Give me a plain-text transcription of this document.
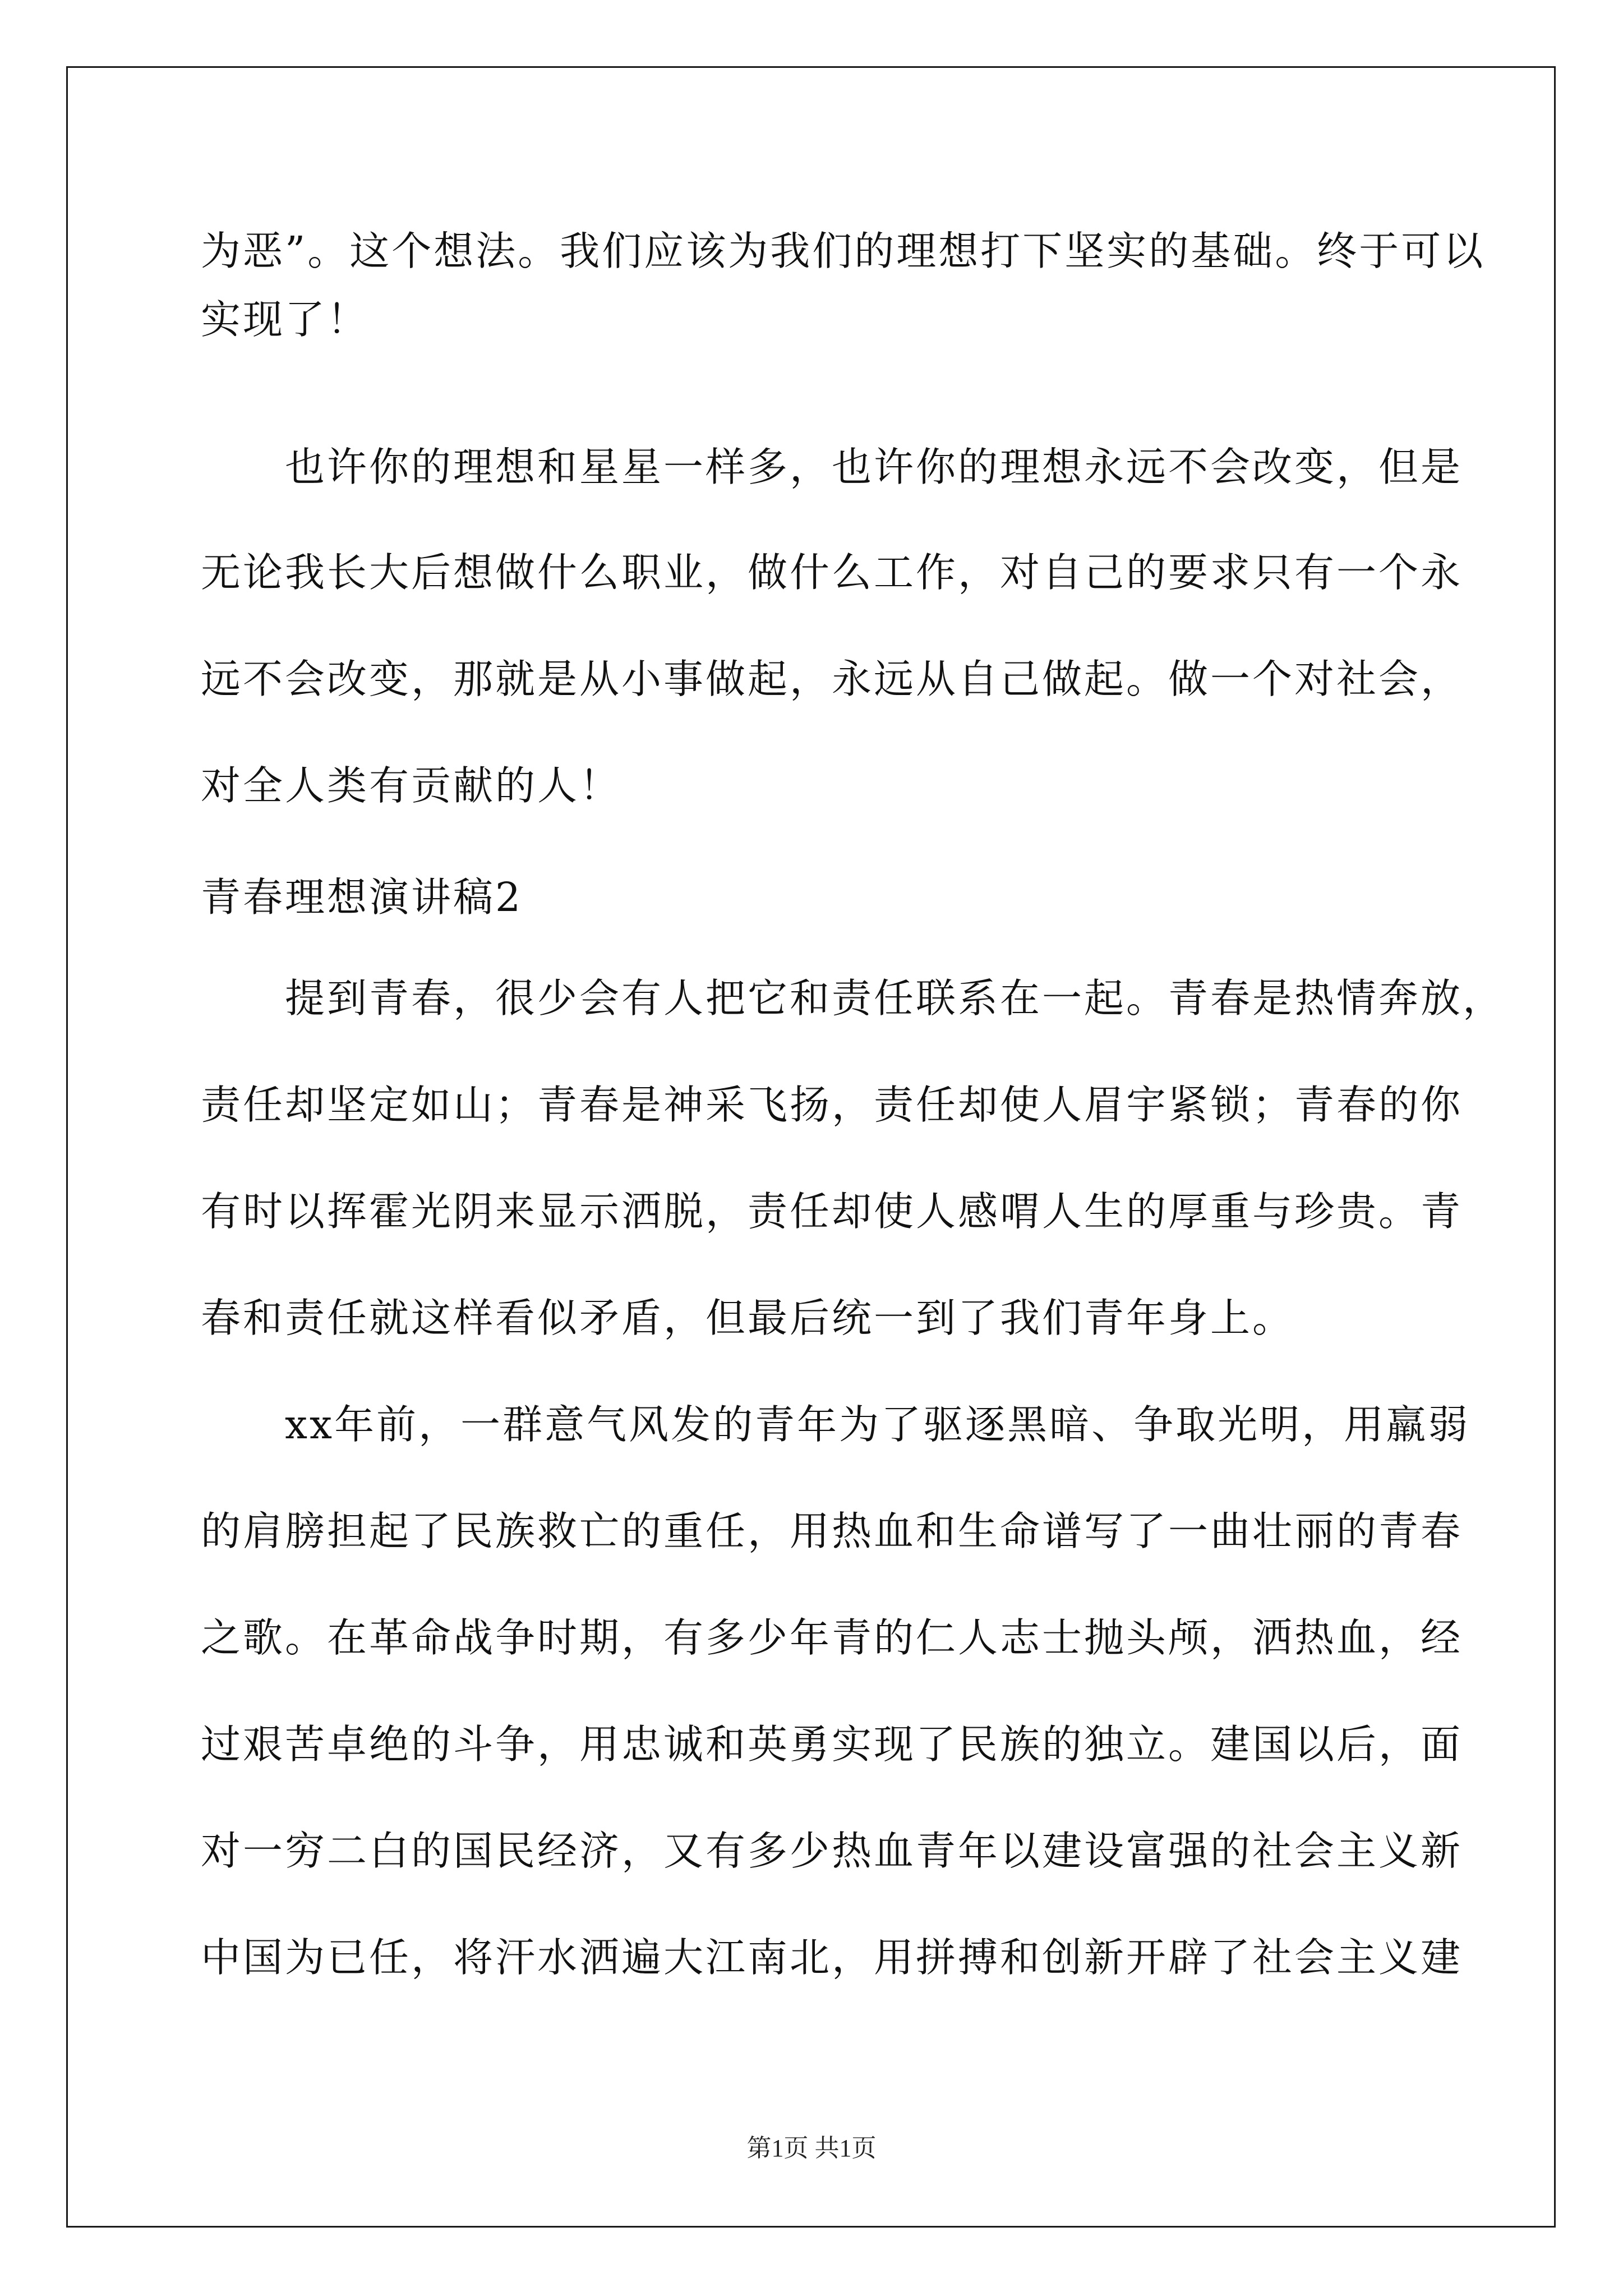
为恶”。这个想法。我们应该为我们的理想打下坚实的基础。终于可以
实现了！
也许你的理想和星星一样多，也许你的理想永远不会改变，但是
无论我长大后想做什么职业，做什么工作，对自己的要求只有一个永
远不会改变，那就是从小事做起，永远从自己做起。做一个对社会，
对全人类有贡献的人！
青春理想演讲稿2
提到青春，很少会有人把它和责任联系在一起。青春是热情奔放，
责任却坚定如山；青春是神采飞扬，责任却使人眉宇紧锁；青春的你
有时以挥霍光阴来显示洒脱，责任却使人感喟人生的厚重与珍贵。青
春和责任就这样看似矛盾，但最后统一到了我们青年身上。
xx年前，一群意气风发的青年为了驱逐黑暗、争取光明，用羸弱
的肩膀担起了民族救亡的重任，用热血和生命谱写了一曲壮丽的青春
之歌。在革命战争时期，有多少年青的仁人志士抛头颅，洒热血，经
过艰苦卓绝的斗争，用忠诚和英勇实现了民族的独立。建国以后，面
对一穷二白的国民经济，又有多少热血青年以建设富强的社会主义新
中国为已任，将汗水洒遍大江南北，用拼搏和创新开辟了社会主义建
第1页 共1页
